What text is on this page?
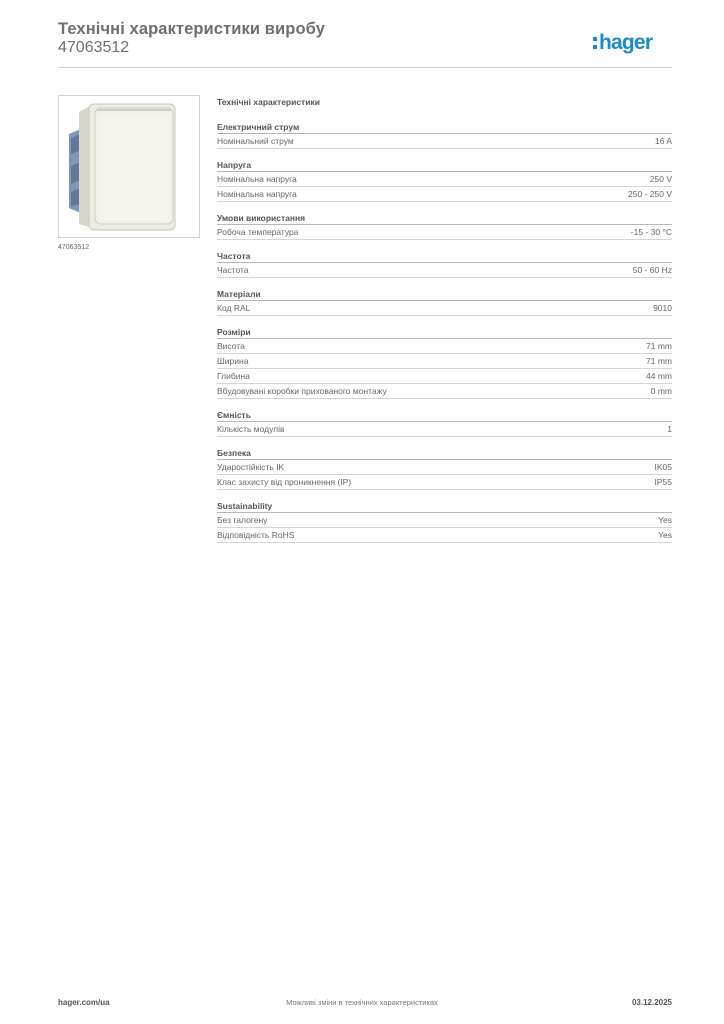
Технічні характеристики виробу
47063512	hager
47063512
Технічні характеристики
Електричний струм
Номінальний струм	16 A
Напруга
Номінальна напруга	250 V
Номінальна напруга	250 - 250 V
Умови використання
Робоча температура	-15 - 30 °C
Частота
Частота	50 - 60 Hz
Матеріали
Код RAL	9010
Розміри
Висота	71 mm
Ширина	71 mm
Глибина	44 mm
Вбудовувані коробки прихованого монтажу	0 mm
Ємність
Кількість модулів	1
Безпека
Ударостійкість IK	IK05
Клас захисту від проникнення (IP)	IP55
Sustainability
Без галогену	Yes
Відповідність RoHS	Yes
hager.com/ua	Можливі зміни в технічних характеристиках	03.12.2025
